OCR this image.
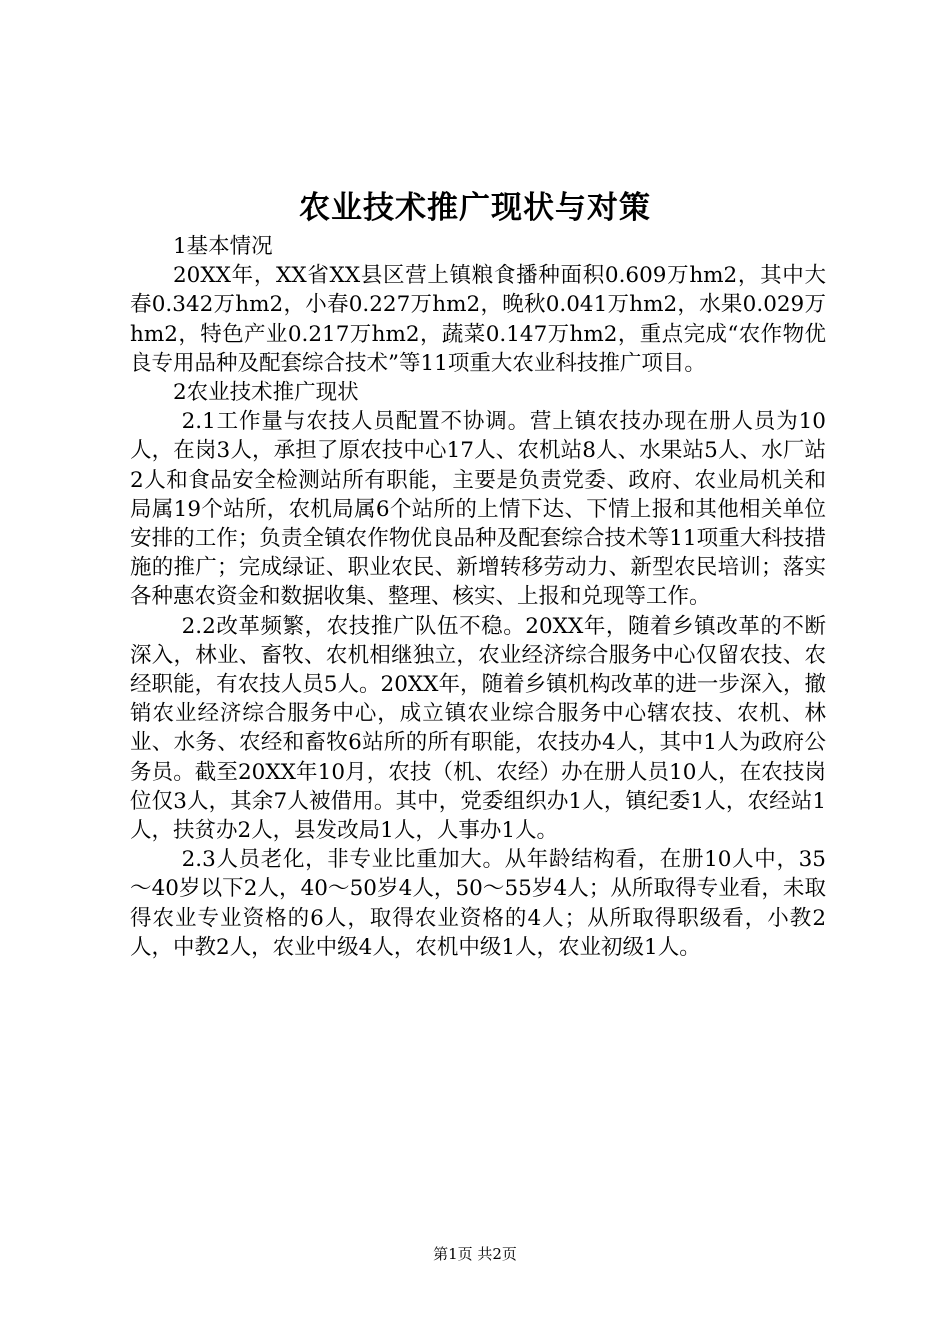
农业技术推广现状与对策

1基本情况

20XX年，XX省XX县区营上镇粮食播种面积0.609万hm2，其中大春0.342万hm2，小春0.227万hm2，晚秋0.041万hm2，水果0.029万hm2，特色产业0.217万hm2，蔬菜0.147万hm2，重点完成“农作物优良专用品种及配套综合技术”等11项重大农业科技推广项目。

2农业技术推广现状

2.1工作量与农技人员配置不协调。营上镇农技办现在册人员为10人，在岗3人，承担了原农技中心17人、农机站8人、水果站5人、水厂站2人和食品安全检测站所有职能，主要是负责党委、政府、农业局机关和局属19个站所，农机局属6个站所的上情下达、下情上报和其他相关单位安排的工作；负责全镇农作物优良品种及配套综合技术等11项重大科技措施的推广；完成绿证、职业农民、新增转移劳动力、新型农民培训；落实各种惠农资金和数据收集、整理、核实、上报和兑现等工作。

2.2改革频繁，农技推广队伍不稳。20XX年，随着乡镇改革的不断深入，林业、畜牧、农机相继独立，农业经济综合服务中心仅留农技、农经职能，有农技人员5人。20XX年，随着乡镇机构改革的进一步深入，撤销农业经济综合服务中心，成立镇农业综合服务中心辖农技、农机、林业、水务、农经和畜牧6站所的所有职能，农技办4人，其中1人为政府公务员。截至20XX年10月，农技（机、农经）办在册人员10人，在农技岗位仅3人，其余7人被借用。其中，党委组织办1人，镇纪委1人，农经站1人，扶贫办2人，县发改局1人，人事办1人。

2.3人员老化，非专业比重加大。从年龄结构看，在册10人中，35～40岁以下2人，40～50岁4人，50～55岁4人；从所取得专业看，未取得农业专业资格的6人，取得农业资格的4人；从所取得职级看，小教2人，中教2人，农业中级4人，农机中级1人，农业初级1人。

第1页 共2页
